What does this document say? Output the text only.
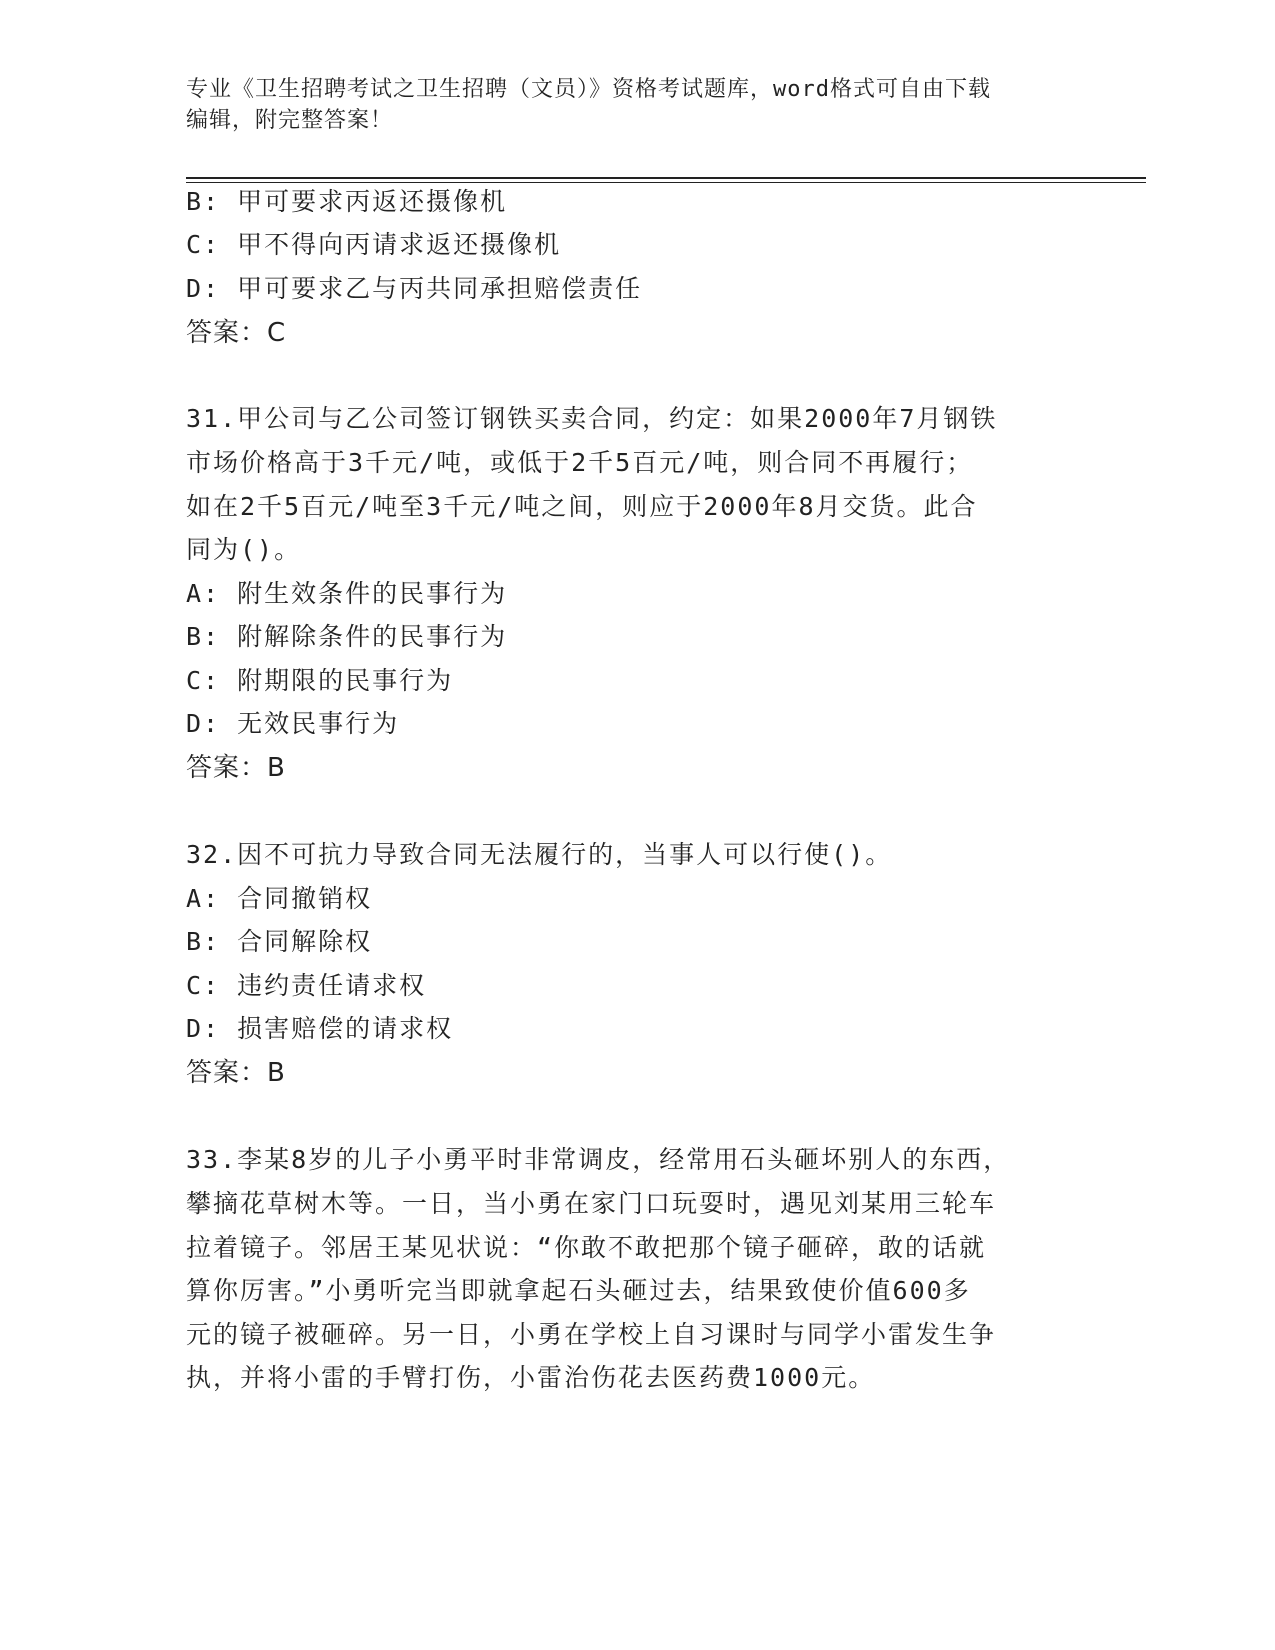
专业《卫生招聘考试之卫生招聘（文员）》资格考试题库，word格式可自由下载
编辑，附完整答案！
B: 甲可要求丙返还摄像机
C: 甲不得向丙请求返还摄像机
D: 甲可要求乙与丙共同承担赔偿责任
答案：C
31.甲公司与乙公司签订钢铁买卖合同，约定：如果2000年7月钢铁
市场价格高于3千元/吨，或低于2千5百元/吨，则合同不再履行；
如在2千5百元/吨至3千元/吨之间，则应于2000年8月交货。此合
同为()。
A: 附生效条件的民事行为
B: 附解除条件的民事行为
C: 附期限的民事行为
D: 无效民事行为
答案：B
32.因不可抗力导致合同无法履行的，当事人可以行使()。
A: 合同撤销权
B: 合同解除权
C: 违约责任请求权
D: 损害赔偿的请求权
答案：B
33.李某8岁的儿子小勇平时非常调皮，经常用石头砸坏别人的东西，
攀摘花草树木等。一日，当小勇在家门口玩耍时，遇见刘某用三轮车
拉着镜子。邻居王某见状说：“你敢不敢把那个镜子砸碎，敢的话就
算你厉害。”小勇听完当即就拿起石头砸过去，结果致使价值600多
元的镜子被砸碎。另一日，小勇在学校上自习课时与同学小雷发生争
执，并将小雷的手臂打伤，小雷治伤花去医药费1000元。
